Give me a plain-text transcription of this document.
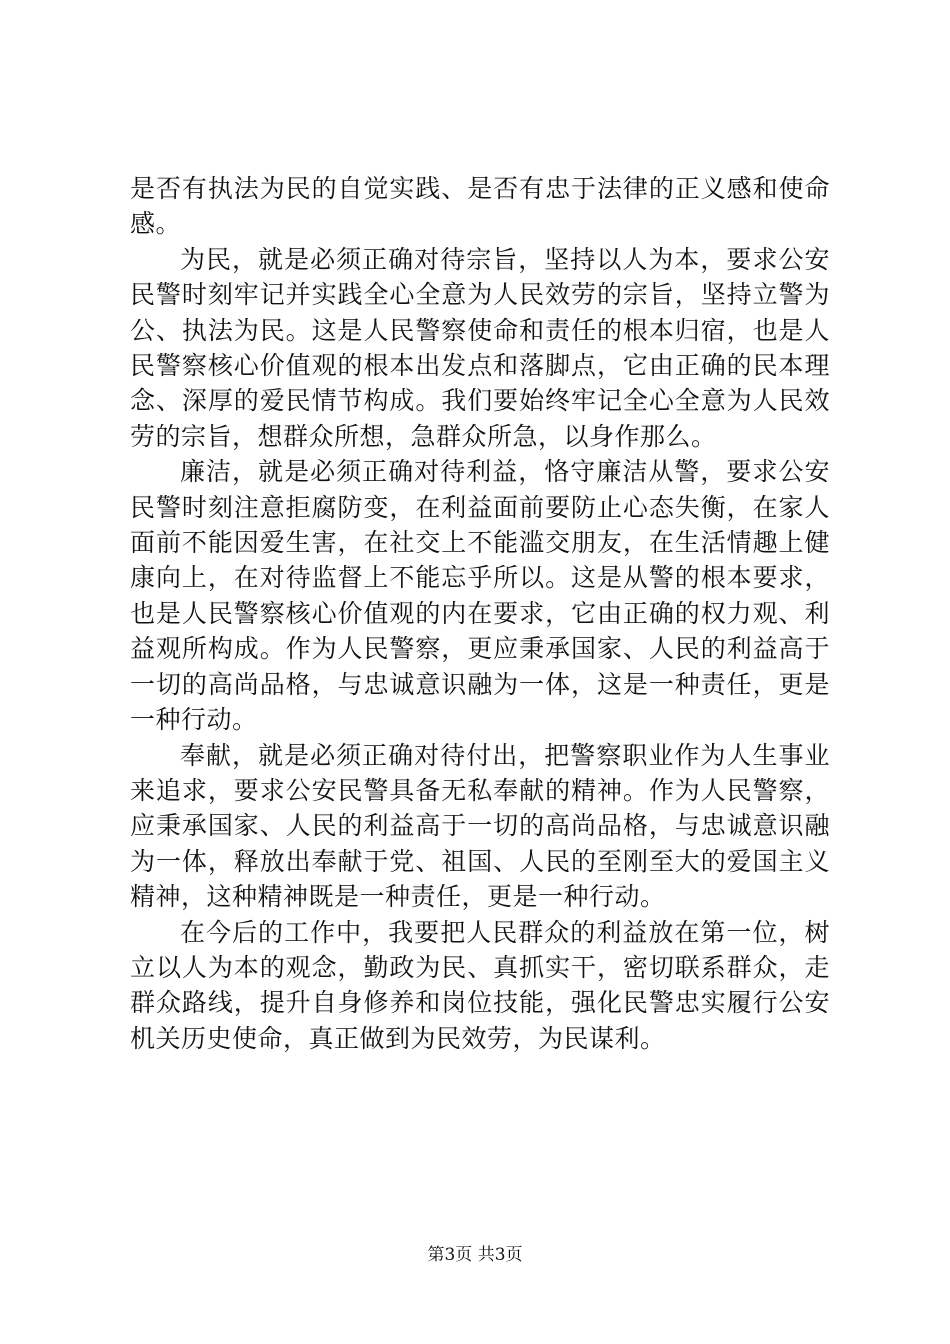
是否有执法为民的自觉实践、是否有忠于法律的正义感和使命感。

为民，就是必须正确对待宗旨，坚持以人为本，要求公安民警时刻牢记并实践全心全意为人民效劳的宗旨，坚持立警为公、执法为民。这是人民警察使命和责任的根本归宿，也是人民警察核心价值观的根本出发点和落脚点，它由正确的民本理念、深厚的爱民情节构成。我们要始终牢记全心全意为人民效劳的宗旨，想群众所想，急群众所急，以身作那么。

廉洁，就是必须正确对待利益，恪守廉洁从警，要求公安民警时刻注意拒腐防变，在利益面前要防止心态失衡，在家人面前不能因爱生害，在社交上不能滥交朋友，在生活情趣上健康向上，在对待监督上不能忘乎所以。这是从警的根本要求，也是人民警察核心价值观的内在要求，它由正确的权力观、利益观所构成。作为人民警察，更应秉承国家、人民的利益高于一切的高尚品格，与忠诚意识融为一体，这是一种责任，更是一种行动。

奉献，就是必须正确对待付出，把警察职业作为人生事业来追求，要求公安民警具备无私奉献的精神。作为人民警察，应秉承国家、人民的利益高于一切的高尚品格，与忠诚意识融为一体，释放出奉献于党、祖国、人民的至刚至大的爱国主义精神，这种精神既是一种责任，更是一种行动。

在今后的工作中，我要把人民群众的利益放在第一位，树立以人为本的观念，勤政为民、真抓实干，密切联系群众，走群众路线，提升自身修养和岗位技能，强化民警忠实履行公安机关历史使命，真正做到为民效劳，为民谋利。

第3页 共3页
